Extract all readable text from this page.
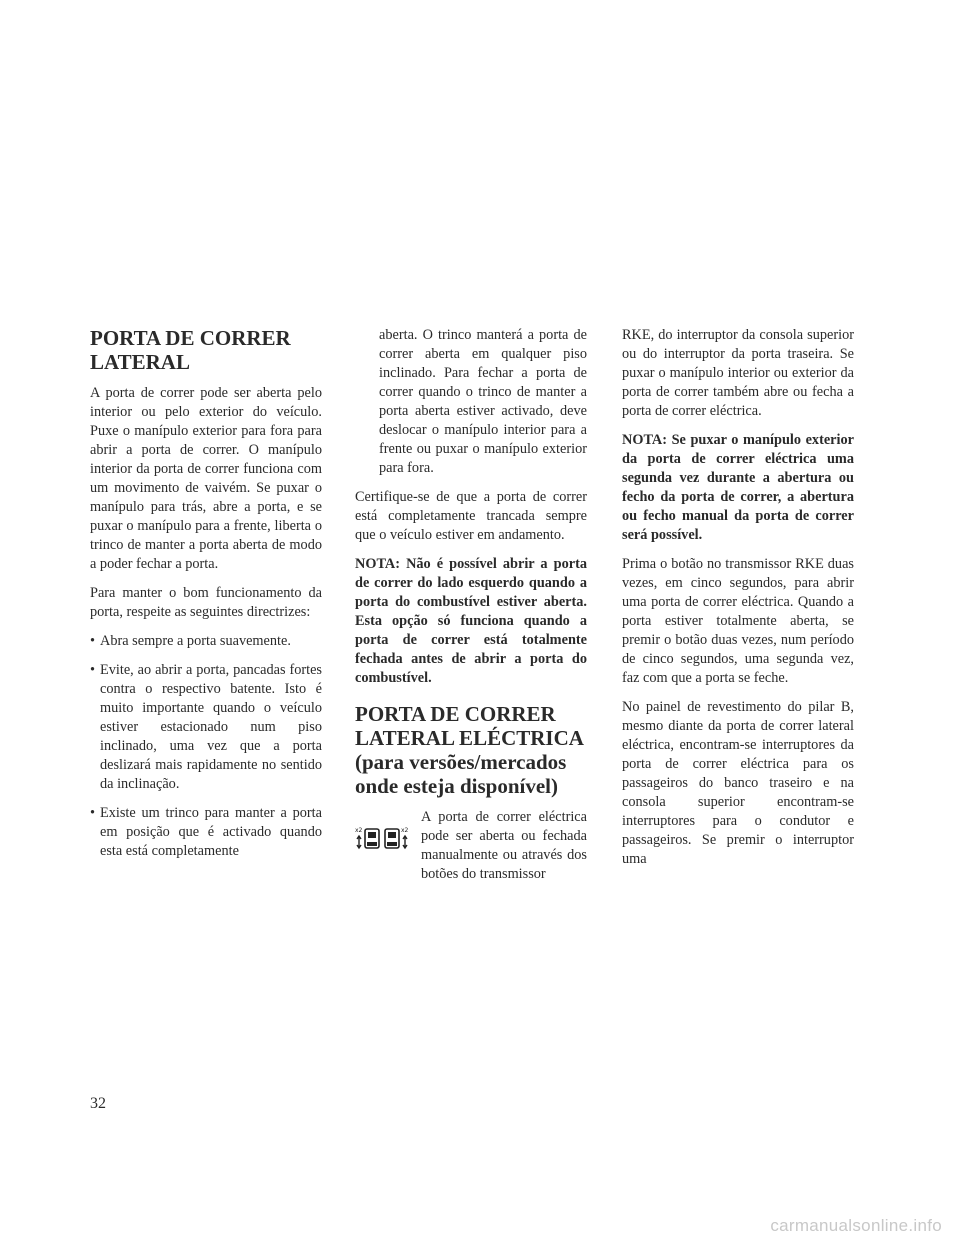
PORTA DE CORRER
LATERAL
A porta de correr pode ser aberta pelo interior ou pelo exterior do veículo. Puxe o manípulo exterior para fora para abrir a porta de correr. O manípulo interior da porta de correr funciona com um movimento de vaivém. Se puxar o manípulo para trás, abre a porta, e se puxar o manípulo para a frente, liberta o trinco de manter a porta aberta de modo a poder fechar a porta.
Para manter o bom funcionamento da porta, respeite as seguintes directrizes:
• Abra sempre a porta suavemente.
• Evite, ao abrir a porta, pancadas fortes contra o respectivo batente. Isto é muito importante quando o veículo estiver estacionado num piso inclinado, uma vez que a porta deslizará mais rapidamente no sentido da inclinação.
• Existe um trinco para manter a porta em posição que é activado quando esta está completamente
aberta. O trinco manterá a porta de correr aberta em qualquer piso inclinado. Para fechar a porta de correr quando o trinco de manter a porta aberta estiver activado, deve deslocar o manípulo interior para a frente ou puxar o manípulo exterior para fora.
Certifique-se de que a porta de correr está completamente trancada sempre que o veículo estiver em andamento.
NOTA: Não é possível abrir a porta de correr do lado esquerdo quando a porta do combustível estiver aberta. Esta opção só funciona quando a porta de correr está totalmente fechada antes de abrir a porta do combustível.
PORTA DE CORRER
LATERAL ELÉCTRICA
(para versões/mercados
onde esteja disponível)
x2	x2
A porta de correr eléctrica pode ser aberta ou fechada manualmente ou através dos botões do transmissor
RKE, do interruptor da consola superior ou do interruptor da porta traseira. Se puxar o manípulo interior ou exterior da porta de correr também abre ou fecha a porta de correr eléctrica.
NOTA: Se puxar o manípulo exterior da porta de correr eléctrica uma segunda vez durante a abertura ou fecho da porta de correr, a abertura ou fecho manual da porta de correr será possível.
Prima o botão no transmissor RKE duas vezes, em cinco segundos, para abrir uma porta de correr eléctrica. Quando a porta estiver totalmente aberta, se premir o botão duas vezes, num período de cinco segundos, uma segunda vez, faz com que a porta se feche.
No painel de revestimento do pilar B, mesmo diante da porta de correr lateral eléctrica, encontram-se interruptores da porta de correr eléctrica para os passageiros do banco traseiro e na consola superior encontram-se interruptores para o condutor e passageiros. Se premir o interruptor uma
32
carmanualsonline.info
